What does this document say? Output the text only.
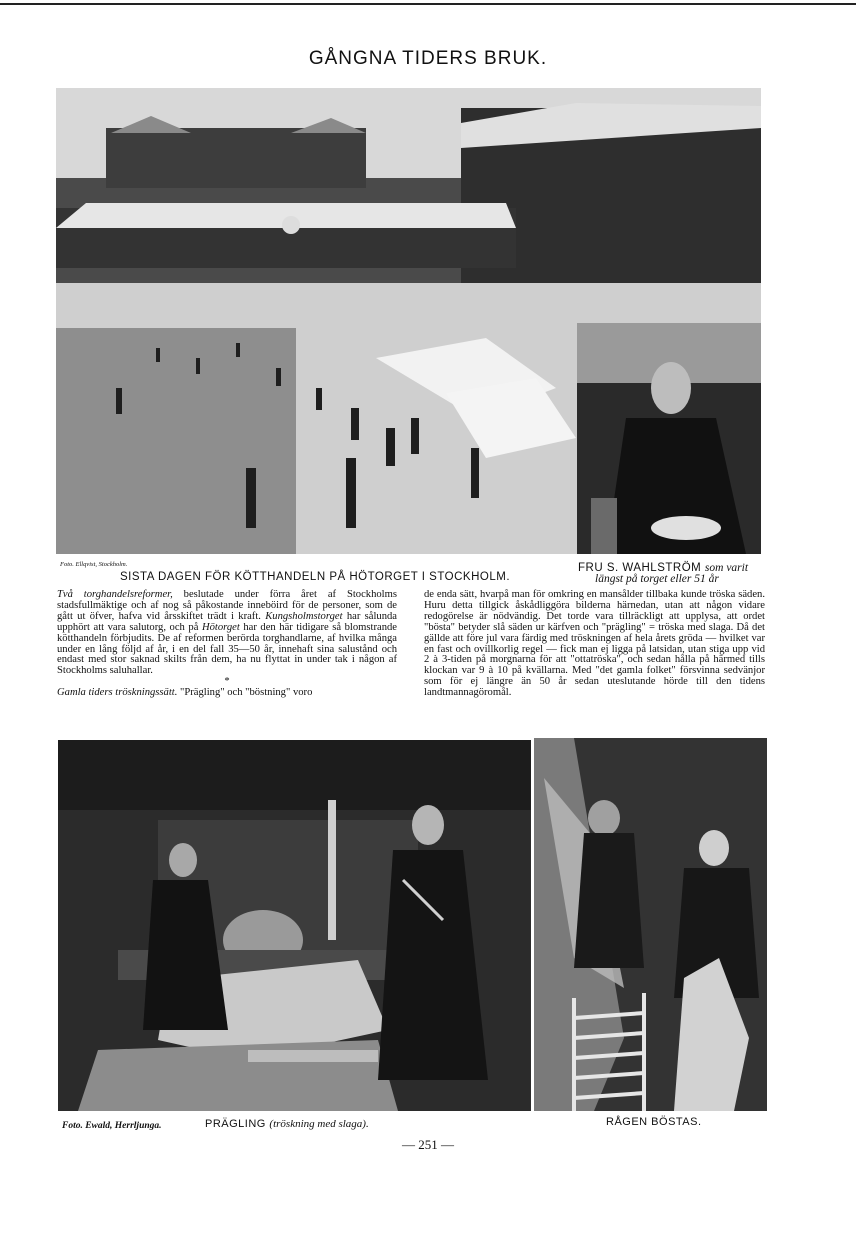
GÅNGNA TIDERS BRUK.
Foto. Ellqvist, Stockholm.
SISTA DAGEN FÖR KÖTTHANDELN PÅ HÖTORGET I STOCKHOLM.
FRU S. WAHLSTRÖM som varit
längst på torget eller 51 år

Två torghandelsreformer, beslutade under förra året af Stockholms stadsfullmäktige och af nog så påkostande inneböird för de personer, som de gått ut öfver, hafva vid årsskiftet trädt i kraft. Kungsholmstorget har sålunda upphört att vara salutorg, och på Hötorget har den här tidigare så blomstrande kötthandeln förbjudits. De af reformen berörda torghandlarne, af hvilka många under en lång följd af år, i en del fall 35—50 år, innehaft sina salustånd och endast med stor saknad skilts från dem, ha nu flyttat in under tak i någon af Stockholms saluhallar.

*

Gamla tiders tröskningssätt. "Prägling" och "böstning" voro

de enda sätt, hvarpå man för omkring en mansålder tillbaka kunde tröska säden. Huru detta tillgick åskådliggöra bilderna härnedan, utan att någon vidare redogörelse är nödvändig. Det torde vara tillräckligt att upplysa, att ordet "bösta" betyder slå säden ur kärfven och "prägling" = tröska med slaga. Då det gällde att före jul vara färdig med tröskningen af hela årets gröda — hvilket var en fast och ovillkorlig regel — fick man ej ligga på latsidan, utan stiga upp vid 2 à 3-tiden på morgnarna för att "ottatröska", och sedan hålla på härmed tills klockan var 9 à 10 på kvällarna. Med "det gamla folket" försvinna sedvänjor som för ej längre än 50 år sedan uteslutande hörde till den tidens landtmannagöromål.

Foto. Ewald, Herrljunga.	PRÄGLING (tröskning med slaga).	RÅGEN BÖSTAS.
— 251 —
